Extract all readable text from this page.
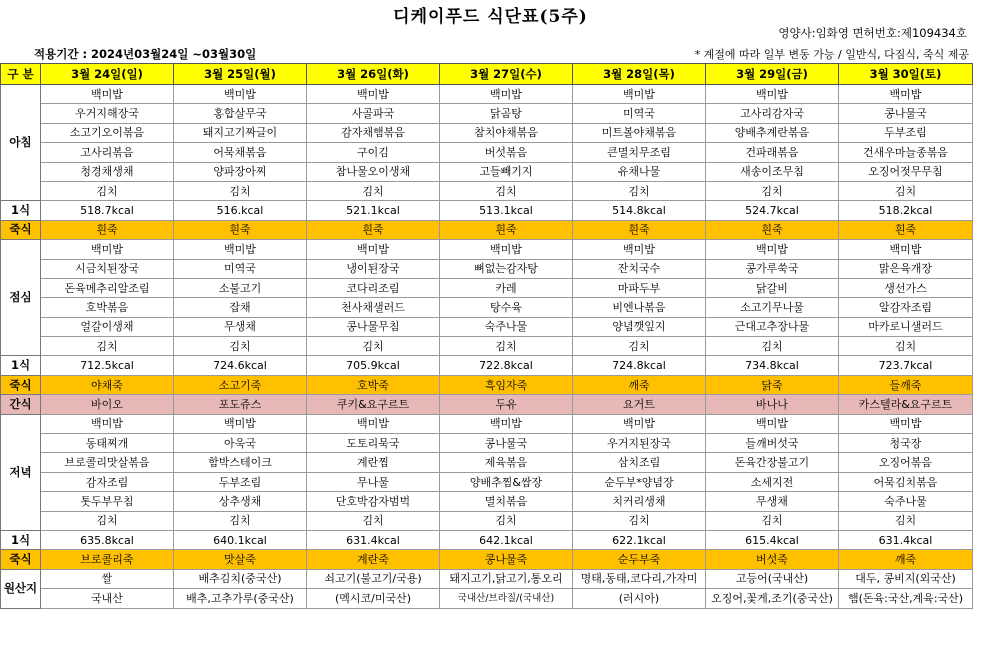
디케이푸드 식단표(5주)
영양사:임화영 면허번호:제109434호
적용기간 : 2024년03월24일 ~03월30일	* 계절에 따라 일부 변동 가능 / 일반식, 다짐식, 죽식 제공
구 분	3월 24일(일)	3월 25일(월)	3월 26일(화)	3월 27일(수)	3월 28일(목)	3월 29일(금)	3월 30일(토)
아침	백미밥	백미밥	백미밥	백미밥	백미밥	백미밥	백미밥
	우거지해장국	홍합살무국	사골파국	닭곰탕	미역국	고사리감자국	콩나물국
	소고기오이볶음	돼지고기짜글이	감자채햄볶음	참치야채볶음	미트볼야채볶음	양배추계란볶음	두부조림
	고사리볶음	어묵채볶음	구이김	버섯볶음	큰멸치무조림	건파래볶음	건새우마늘종볶음
	청경채생채	양파장아찌	참나물오이생채	고들빼기지	유채나물	새송이조무침	오징어젓무무침
	김치	김치	김치	김치	김치	김치	김치
1식	518.7kcal	516.kcal	521.1kcal	513.1kcal	514.8kcal	524.7kcal	518.2kcal
죽식	흰죽	흰죽	흰죽	흰죽	흰죽	흰죽	흰죽
점심	백미밥	백미밥	백미밥	백미밥	백미밥	백미밥	백미밥
	시금치된장국	미역국	냉이된장국	뼈없는감자탕	잔치국수	콩가루쑥국	맑은육개장
	돈육메추리알조림	소불고기	코다리조림	카레	마파두부	닭갈비	생선가스
	호박볶음	잡채	천사채샐러드	탕수육	비엔나볶음	소고기무나물	알감자조림
	얼갈이생채	무생채	콩나물무침	숙주나물	양념깻잎지	근대고추장나물	마카로니샐러드
	김치	김치	김치	김치	김치	김치	김치
1식	712.5kcal	724.6kcal	705.9kcal	722.8kcal	724.8kcal	734.8kcal	723.7kcal
죽식	야채죽	소고기죽	호박죽	흑임자죽	깨죽	닭죽	들깨죽
간식	바이오	포도쥬스	쿠키&요구르트	두유	요거트	바나나	카스텔라&요구르트
저녁	백미밥	백미밥	백미밥	백미밥	백미밥	백미밥	백미밥
	동태찌개	아욱국	도토리묵국	콩나물국	우거지된장국	들깨버섯국	청국장
	브로콜리맛살볶음	함박스테이크	계란찜	제육볶음	삼치조림	돈육간장불고기	오징어볶음
	감자조림	두부조림	무나물	양배추찜&쌈장	순두부*양념장	소세지전	어묵김치볶음
	톳두부무침	상추생채	단호박감자범벅	멸치볶음	치커리생채	무생채	숙주나물
	김치	김치	김치	김치	김치	김치	김치
1식	635.8kcal	640.1kcal	631.4kcal	642.1kcal	622.1kcal	615.4kcal	631.4kcal
죽식	브로콜리죽	맛살죽	계란죽	콩나물죽	순두부죽	버섯죽	깨죽
원산지	쌀	배추김치(중국산)	쇠고기(불고기/국용)	돼지고기,닭고기,통오리	명태,동태,코다리,가자미	고등어(국내산)	대두, 콩비지(외국산)
	국내산	배추,고추가루(중국산)	(멕시코/미국산)	국내산/브라질/(국내산)	(러시아)	오징어,꽃게,조기(중국산)	햄(돈육:국산,계육:국산)
